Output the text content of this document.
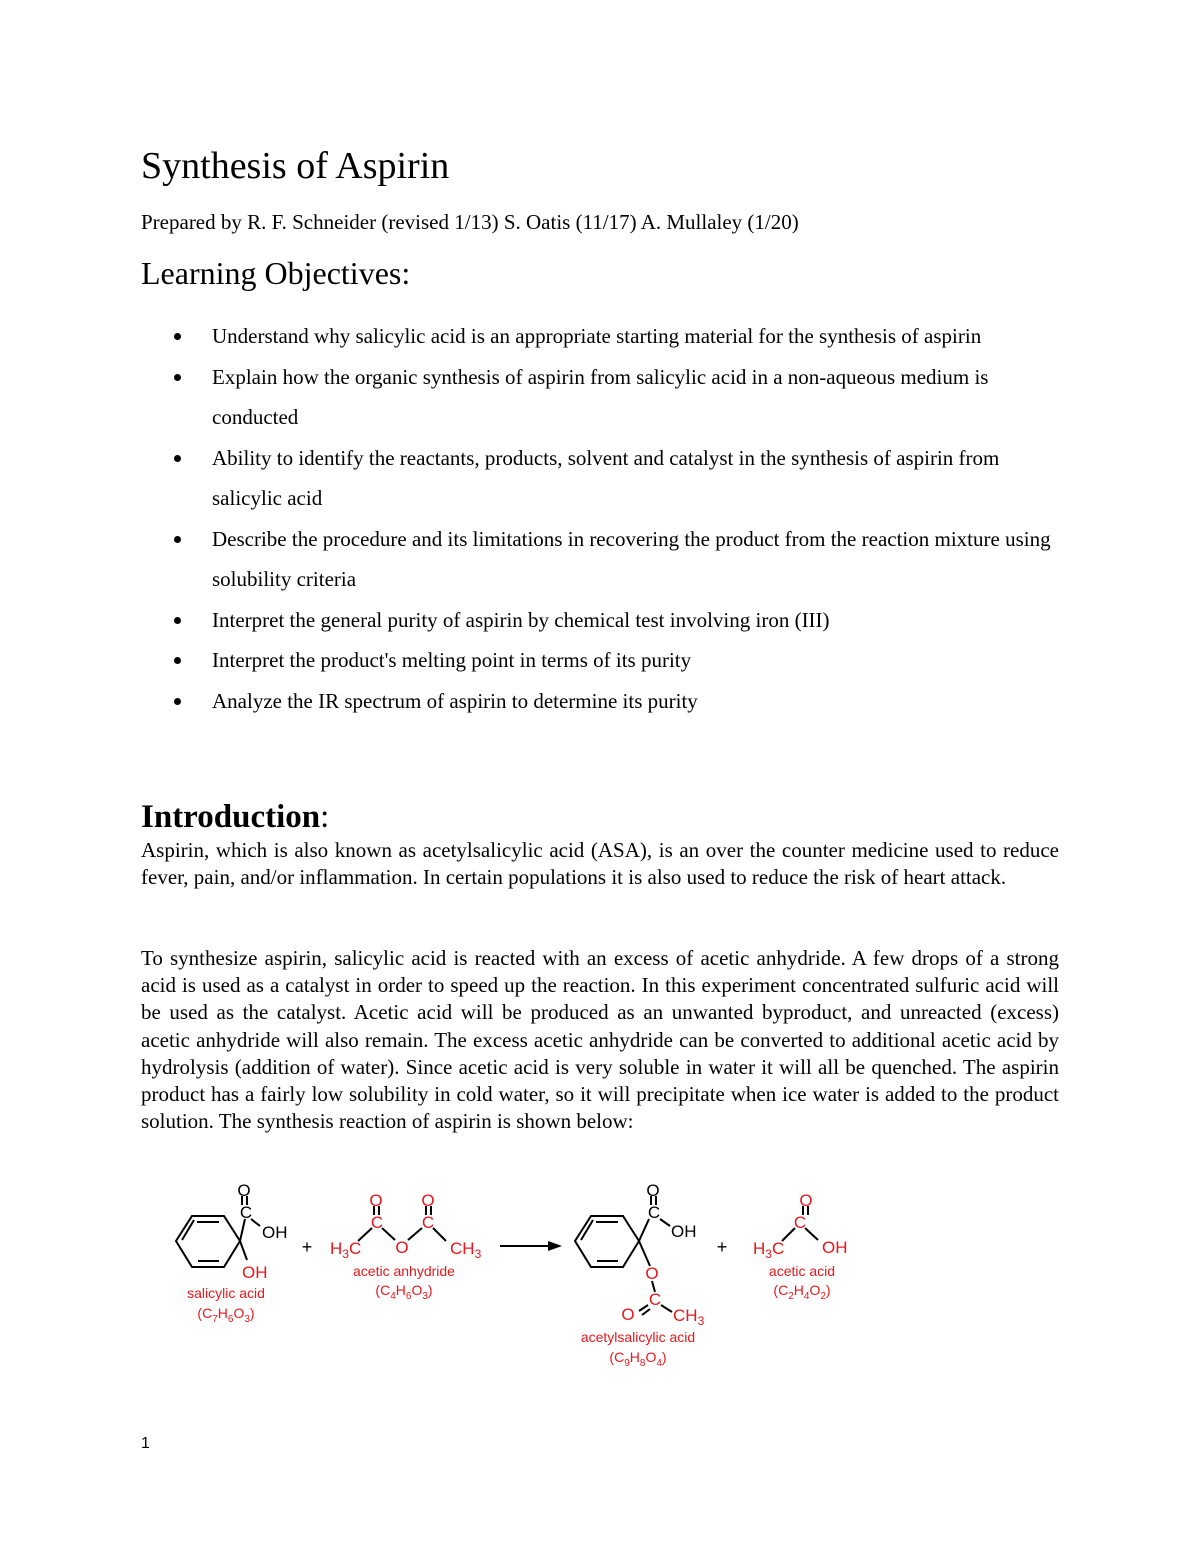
Synthesis of Aspirin

Prepared by R. F. Schneider (revised 1/13) S. Oatis (11/17) A. Mullaley (1/20)

Learning Objectives:
Understand why salicylic acid is an appropriate starting material for the synthesis of aspirin
Explain how the organic synthesis of aspirin from salicylic acid in a non-aqueous medium is conducted
Ability to identify the reactants, products, solvent and catalyst in the synthesis of aspirin from salicylic acid
Describe the procedure and its limitations in recovering the product from the reaction mixture using solubility criteria
Interpret the general purity of aspirin by chemical test involving iron (III)
Interpret the product's melting point in terms of its purity
Analyze the IR spectrum of aspirin to determine its purity
Introduction:

Aspirin, which is also known as acetylsalicylic acid (ASA), is an over the counter medicine used to reduce fever, pain, and/or inflammation. In certain populations it is also used to reduce the risk of heart attack.

To synthesize aspirin, salicylic acid is reacted with an excess of acetic anhydride. A few drops of a strong acid is used as a catalyst in order to speed up the reaction. In this experiment concentrated sulfuric acid will be used as the catalyst. Acetic acid will be produced as an unwanted byproduct, and unreacted (excess) acetic anhydride will also remain. The excess acetic anhydride can be converted to additional acetic acid by hydrolysis (addition of water). Since acetic acid is very soluble in water it will all be quenched. The aspirin product has a fairly low solubility in cold water, so it will precipitate when ice water is added to the product solution. The synthesis reaction of aspirin is shown below:

O
C
OH
OH
salicylic acid
$(C_7H_6O_3)$
+
O O
C C
O
$H_3C$	$CH_3$
acetic anhydride
$(C_4H_6O_3)$
O
C
OH
O
O
C
$CH_3$
acetylsalicylic acid
$(C_9H_8O_4)$
+
O
C
$H_3C$ OH
acetic acid
$(C_2H_4O_2)$

1
